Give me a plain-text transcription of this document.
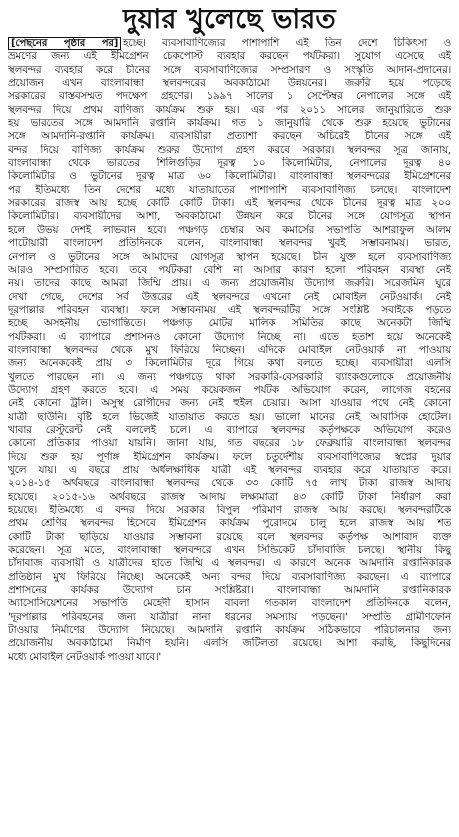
দুয়ার খুলেছে ভারত
[পেছনের পৃষ্ঠার পর] হচ্ছে। ব্যবসাবাণিজ্যের পাশাপাশি এই তিন দেশে চিকিৎসা ও
ভ্রমণের জন্য এই ইমিগ্রেশন চেকপোস্ট ব্যবহার করছেন পর্যটকরা। সুযোগ এসেছে এই
স্থলবন্দর ব্যবহার করে চীনের সঙ্গে ব্যবসাবাণিজ্যের সম্প্রসারণ ও সংস্কৃতি আদান-প্রদানের।
প্রয়োজন এখন বাংলাবান্ধা স্থলবন্দরের অবকাঠামো উন্নয়নের। জরুরি হয়ে পড়েছে
সরকারের বাস্তবসম্মত পদক্ষেপ গ্রহণের। ১৯৯৭ সালের ১ সেপ্টেম্বর নেপালের সঙ্গে এই
স্থলবন্দর দিয়ে প্রথম বাণিজ্য কার্যক্রম শুরু হয়। এর পর ২০১১ সালের জানুয়ারিতে শুরু
হয় ভারতের সঙ্গে আমদানি রপ্তানি কার্যক্রম। গত ১ জানুয়ারি থেকে শুরু হয়েছে ভুটানের
সঙ্গে আমদানি-রপ্তানি কার্যক্রম। ব্যবসায়ীরা প্রত্যাশা করছেন অচিরেই চীনের সঙ্গে এই
বন্দর দিয়ে বাণিজ্য কার্যক্রম শুরুর উদ্যোগ গ্রহণ করবে সরকার। স্থলবন্দর সূত্র জানায়,
বাংলাবান্ধা থেকে ভারতের শিলিগুড়ির দূরত্ব ১০ কিলোমিটার, নেপালের দূরত্ব ৪০
কিলোমিটার ও ভুটানের দূরত্ব মাত্র ৬০ কিলোমিটার। বাংলাবান্ধা স্থলবন্দরের ইমিগ্রেশনের
পর ইতিমধ্যে তিন দেশের মধ্যে যাতায়াতের পাশাপাশি ব্যবসাবাণিজ্য চলছে। বাংলাদেশ
সরকারের রাজস্ব আয় হচ্ছে কোটি কোটি টাকা। এই স্থলবন্দর থেকে চীনের দূরত্ব মাত্র ২০০
কিলোমিটার। ব্যবসায়ীদের আশা, অবকাঠামো উন্নয়ন করে চীনের সঙ্গে যোগসূত্র স্থাপন
হলে উভয় দেশই লাভবান হবে। পঞ্চগড় চেম্বার অব কমার্সের সভাপতি আশরাফুল আলম
পাটোয়ারী বাংলাদেশ প্রতিদিনকে বলেন, বাংলাবান্ধা স্থলবন্দর খুবই সম্ভাবনাময়। ভারত,
নেপাল ও ভুটানের সঙ্গে আমাদের যোগসূত্র স্থাপন হয়েছে। চীন যুক্ত হলে ব্যবসাবাণিজ্য
আরও সম্প্রসারিত হবে। তবে পর্যটকরা বেশি না আসার কারণ হলো পরিবহন ব্যবস্থা নেই
নয়। তাদের কাছে আমরা জিম্মি প্রায়। এ জন্য প্রয়োজনীয় উদ্যোগ জরুরি। সরেজমিন ঘুরে
দেখা গেছে, দেশের সর্ব উত্তরের এই স্থলবন্দরে এখনো নেই মোবাইল নেটওয়ার্ক। নেই
দূরপাল্লার পরিবহন ব্যবস্থা। ফলে সম্ভাবনাময় এই স্থলবন্দরটির সঙ্গে সংশ্লিষ্ট সবাইকে পড়তে
হচ্ছে অসহনীয় ভোগান্তিতে। পঞ্চগড় মোটর মালিক সমিতির কাছে অনেকটা জিম্মি
পর্যটকরা। এ ব্যাপারে প্রশাসনও কোনো উদ্যোগ নিচ্ছে না। এতে হতাশ হয়ে অনেকেই
বাংলাবান্ধা স্থলবন্দর থেকে মুখ ফিরিয়ে নিচ্ছেন। এদিকে মোবাইল নেটওয়ার্ক না পাওয়ায়
জন্য অনেককেই প্রায় ৩ কিলোমিটার দূরে গিয়ে কথা বলতে হচ্ছে। ব্যবসায়ীরা এলসি
খুলতে পারছেন না। এ জন্য পঞ্চগড়ে থাকা সরকারি-বেসরকারি ব্যাংকগুলোকে প্রয়োজনীয়
উদ্যোগ গ্রহণ করতে হবে। এ সময় কয়েকজন পর্যটক অভিযোগ করেন, লাগেজ বহনের
নেই কোনো ট্রলি। অসুস্থ রোগীদের জন্য নেই হুইল চেয়ার। আসা যাওয়ার পথে নেই কোনো
যাত্রী ছাউনি। বৃষ্টি হলে ভিজেই যাতায়াত করতে হয়। ভালো মানের নেই আবাসিক হোটেল।
খাবার রেস্টুরেন্ট নেই বললেই চলে। এ ব্যাপারে স্থলবন্দর কর্তৃপক্ষকে অভিযোগ করেও
কোনো প্রতিকার পাওয়া যায়নি। জানা যায়, গত বছরের ১৮ ফেব্রুয়ারি বাংলাবান্ধা স্থলবন্দর
দিয়ে শুরু হয় পূর্ণাঙ্গ ইমিগ্রেশন কার্যক্রম। ফলে চতুর্দেশীয় ব্যবসাবাণিজ্যের স্বপ্নের দুয়ার
খুলে যায়। এ বছরে প্রায় অর্ধলক্ষাধিক যাত্রী এই স্থলবন্দর ব্যবহার করে যাতায়াত করে।
২০১৪-১৫ অর্থবছরে বাংলাবান্ধা স্থলবন্দর থেকে ৩৩ কোটি ৭৫ লাখ টাকা রাজস্ব আদায়
হয়েছে। ২০১৫-১৬ অর্থবছরে রাজস্ব আদায় লক্ষ্যমাত্রা ৪৩ কোটি টাকা নির্ধারণ করা
হয়েছে। ইতিমধ্যে এ বন্দর দিয়ে সরকার বিপুল পরিমাণ রাজস্ব আয় করছে। স্থলবন্দরটিকে
প্রথম শ্রেণির স্থলবন্দর হিসেবে ইমিগ্রেশন কার্যক্রম পুরোদমে চালু হলে রাজস্ব আয় শত
কোটি টাকা ছাড়িয়ে যাওয়ার সম্ভাবনা রয়েছে বলে স্থলবন্দর কর্তৃপক্ষ আশাবাদ ব্যক্ত
করেছেন। সূত্র মতে, বাংলাবান্ধা স্থলবন্দরে এখন সিন্ডিকেট চাঁদাবাজি চলছে। স্থানীয় কিছু
চাঁদাবাজ ব্যবসায়ী ও যাত্রীদের হাতে জিম্মি এ স্থলবন্দর। এ কারণে অনেক আমদানি রপ্তানিকারক
প্রতিষ্ঠান মুখ ফিরিয়ে নিচ্ছে। অনেকেই অন্য বন্দর দিয়ে ব্যবসাবাণিজ্য করছেন। এ ব্যাপারে
প্রশাসনের কার্যকর উদ্যোগ চান সংশ্লিষ্টরা। বাংলাবান্ধা আমদানি রপ্তানিকারক
অ্যাসোসিয়েশনের সভাপতি মেহেদী হাসান বাবলা গতকাল বাংলাদেশ প্রতিদিনকে বলেন,
'দূরপাল্লার পরিবহনের জন্য যাত্রীরা নানা ধরনের সমস্যায় পড়ছেন।' সম্প্রতি গ্রামীণফোন
টাওয়ার নির্মাণের উদ্যোগ নিয়েছে। আমদানি রপ্তানি কার্যক্রম সঠিকভাবে পরিচালনার জন্য
প্রয়োজনীয় অবকাঠামো নির্মাণ হয়নি। এলসি জটিলতা রয়েছে। আশা করছি, কিছুদিনের
মধ্যে মোবাইল নেটওয়ার্ক পাওয়া যাবে।'
